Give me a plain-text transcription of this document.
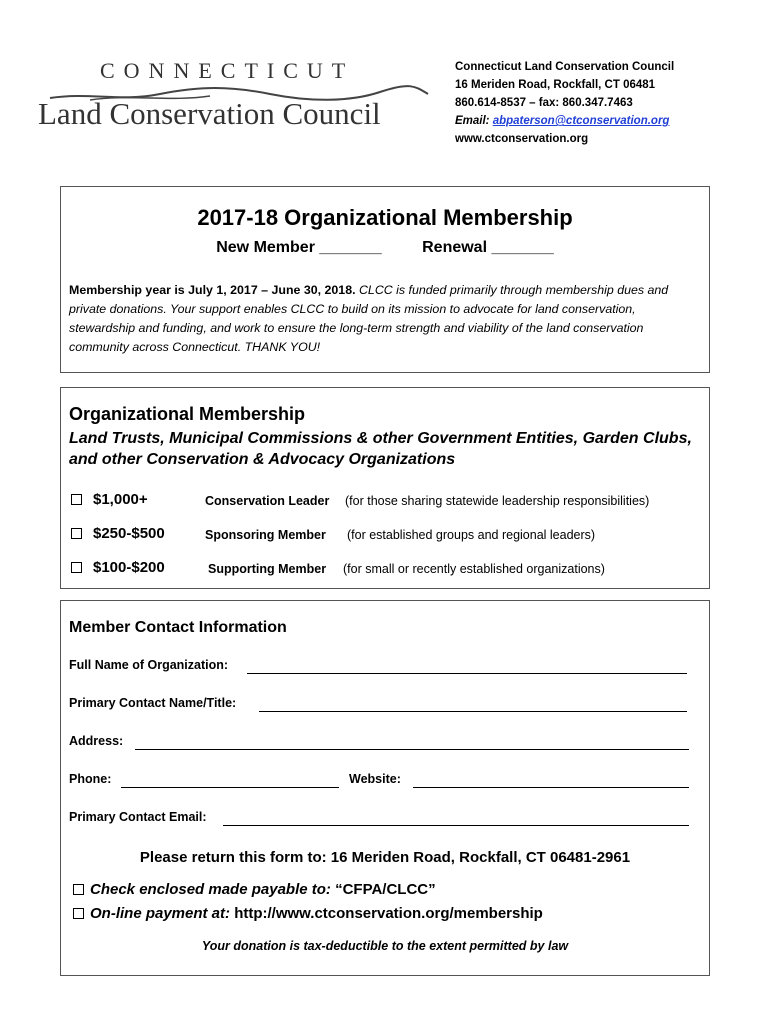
CONNECTICUT
Land Conservation Council
Connecticut Land Conservation Council
16 Meriden Road, Rockfall, CT 06481
860.614-8537 – fax: 860.347.7463
Email: abpaterson@ctconservation.org
www.ctconservation.org
2017-18 Organizational Membership
New Member _______	Renewal _______
Membership year is July 1, 2017 – June 30, 2018. CLCC is funded primarily through membership dues and private donations. Your support enables CLCC to build on its mission to advocate for land conservation, stewardship and funding, and work to ensure the long-term strength and viability of the land conservation community across Connecticut. THANK YOU!
Organizational Membership
Land Trusts, Municipal Commissions & other Government Entities, Garden Clubs, and other Conservation & Advocacy Organizations
$1,000+	Conservation Leader (for those sharing statewide leadership responsibilities)
$250-$500	Sponsoring Member (for established groups and regional leaders)
$100-$200	Supporting Member (for small or recently established organizations)
Member Contact Information
Full Name of Organization:
Primary Contact Name/Title:
Address:
Phone:	Website:
Primary Contact Email:
Please return this form to: 16 Meriden Road, Rockfall, CT 06481-2961
Check enclosed made payable to: “CFPA/CLCC”
On-line payment at: http://www.ctconservation.org/membership
Your donation is tax-deductible to the extent permitted by law
